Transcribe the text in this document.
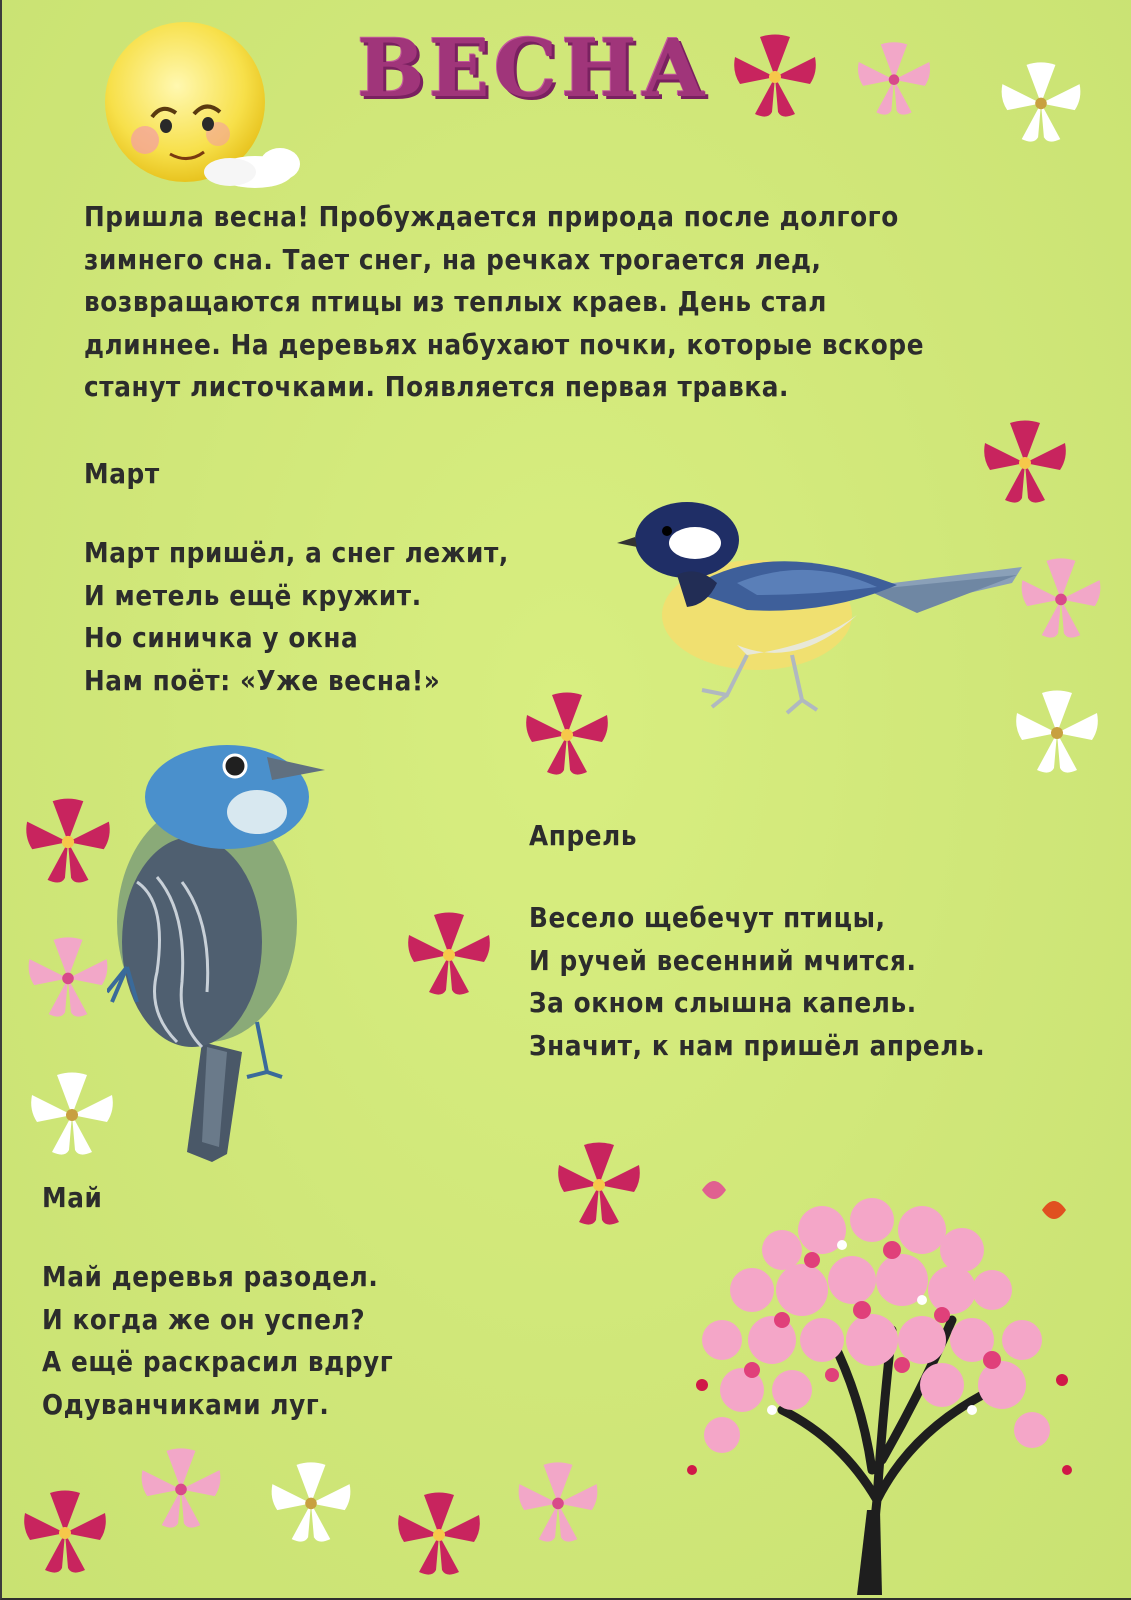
ВЕСНА

Пришла весна! Пробуждается природа после долгого

зимнего сна. Тает снег, на речках трогается лед,

возвращаются птицы из теплых краев. День стал

длиннее. На деревьях набухают почки, которые вскоре

станут листочками. Появляется первая травка.

Март

Март пришёл, а снег лежит,

И метель ещё кружит.

Но синичка у окна

Нам поёт: «Уже весна!»

Апрель

Весело щебечут птицы,

И ручей весенний мчится.

За окном слышна капель.

Значит, к нам пришёл апрель.

Май

Май деревья разодел.

И когда же он успел?

А ещё раскрасил вдруг

Одуванчиками луг.
